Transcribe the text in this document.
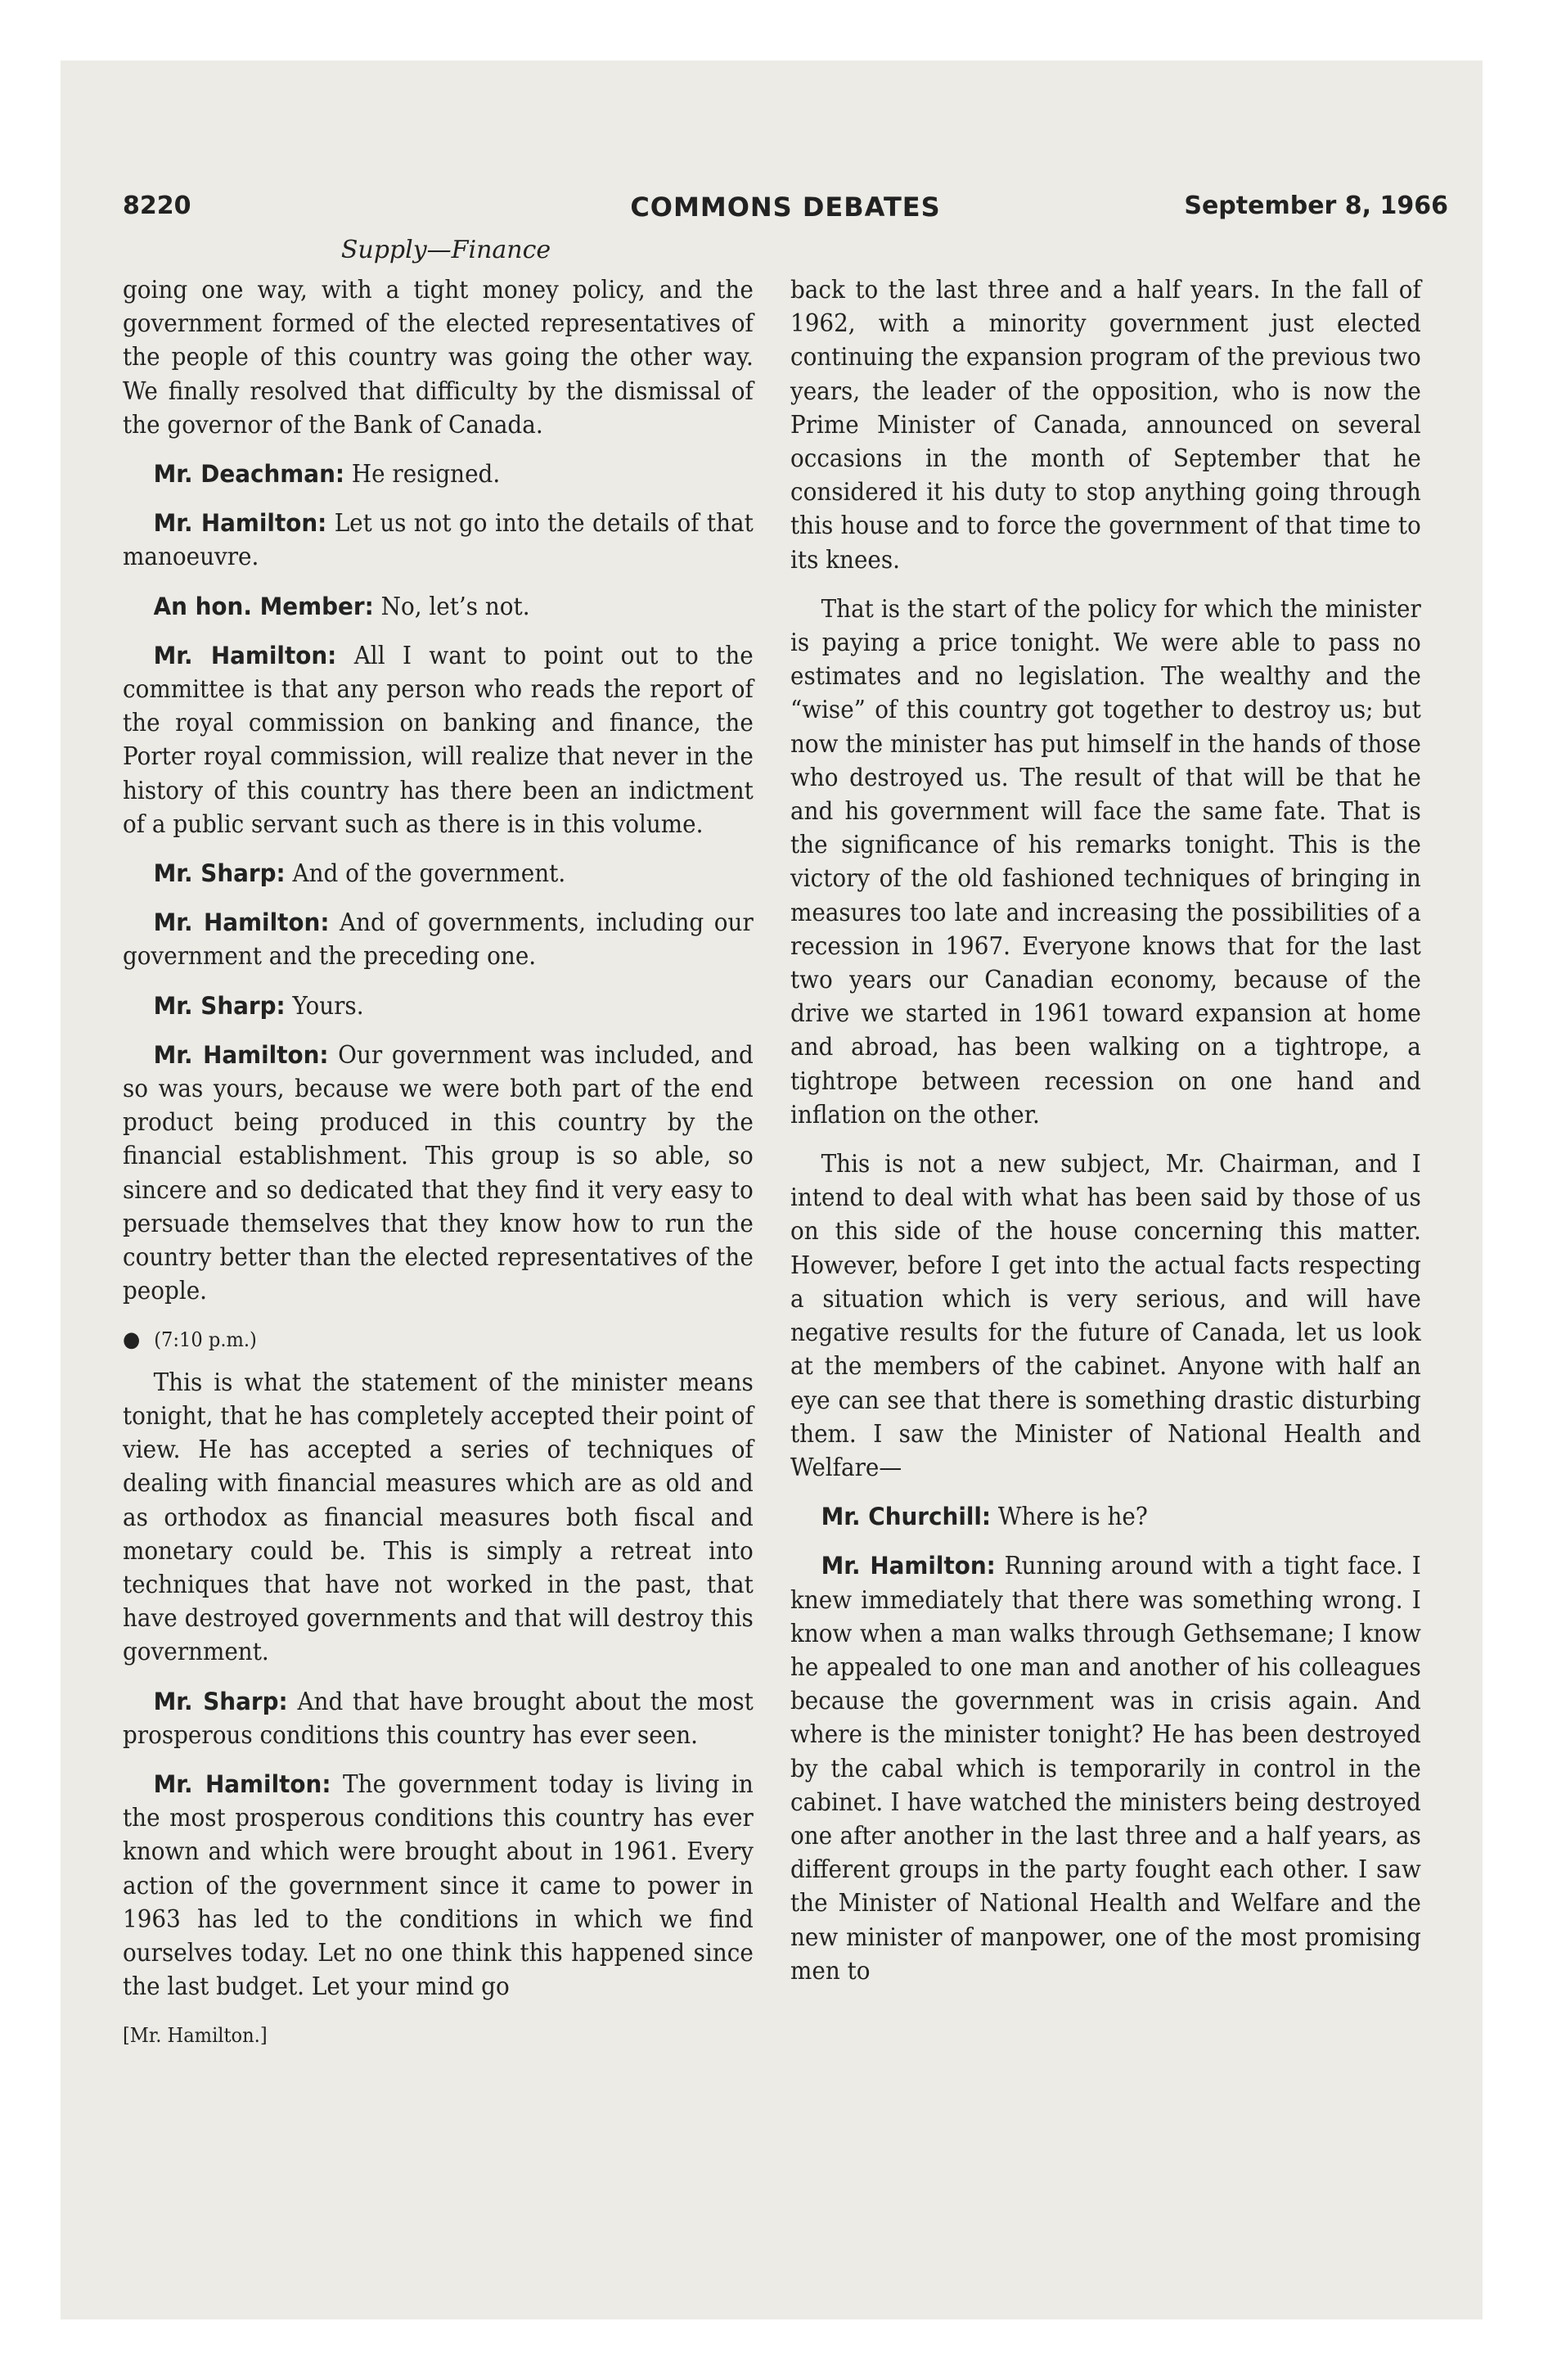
8220	COMMONS DEBATES	September 8, 1966
Supply—Finance

going one way, with a tight money policy, and the government formed of the elected representatives of the people of this country was going the other way. We finally resolved that difficulty by the dismissal of the governor of the Bank of Canada.

Mr. Deachman: He resigned.

Mr. Hamilton: Let us not go into the details of that manoeuvre.

An hon. Member: No, let’s not.

Mr. Hamilton: All I want to point out to the committee is that any person who reads the report of the royal commission on banking and finance, the Porter royal commission, will realize that never in the history of this country has there been an indictment of a public servant such as there is in this volume.

Mr. Sharp: And of the government.

Mr. Hamilton: And of governments, including our government and the preceding one.

Mr. Sharp: Yours.

Mr. Hamilton: Our government was included, and so was yours, because we were both part of the end product being produced in this country by the financial establishment. This group is so able, so sincere and so dedicated that they find it very easy to persuade themselves that they know how to run the country better than the elected representatives of the people.

● (7:10 p.m.)

This is what the statement of the minister means tonight, that he has completely accepted their point of view. He has accepted a series of techniques of dealing with financial measures which are as old and as orthodox as financial measures both fiscal and monetary could be. This is simply a retreat into techniques that have not worked in the past, that have destroyed governments and that will destroy this government.

Mr. Sharp: And that have brought about the most prosperous conditions this country has ever seen.

Mr. Hamilton: The government today is living in the most prosperous conditions this country has ever known and which were brought about in 1961. Every action of the government since it came to power in 1963 has led to the conditions in which we find ourselves today. Let no one think this happened since the last budget. Let your mind go

[Mr. Hamilton.]

back to the last three and a half years. In the fall of 1962, with a minority government just elected continuing the expansion program of the previous two years, the leader of the opposition, who is now the Prime Minister of Canada, announced on several occasions in the month of September that he considered it his duty to stop anything going through this house and to force the government of that time to its knees.

That is the start of the policy for which the minister is paying a price tonight. We were able to pass no estimates and no legislation. The wealthy and the “wise” of this country got together to destroy us; but now the minister has put himself in the hands of those who destroyed us. The result of that will be that he and his government will face the same fate. That is the significance of his remarks tonight. This is the victory of the old fashioned techniques of bringing in measures too late and increasing the possibilities of a recession in 1967. Everyone knows that for the last two years our Canadian economy, because of the drive we started in 1961 toward expansion at home and abroad, has been walking on a tightrope, a tightrope between recession on one hand and inflation on the other.

This is not a new subject, Mr. Chairman, and I intend to deal with what has been said by those of us on this side of the house concerning this matter. However, before I get into the actual facts respecting a situation which is very serious, and will have negative results for the future of Canada, let us look at the members of the cabinet. Anyone with half an eye can see that there is something drastic disturbing them. I saw the Minister of National Health and Welfare—

Mr. Churchill: Where is he?

Mr. Hamilton: Running around with a tight face. I knew immediately that there was something wrong. I know when a man walks through Gethsemane; I know he appealed to one man and another of his colleagues because the government was in crisis again. And where is the minister tonight? He has been destroyed by the cabal which is temporarily in control in the cabinet. I have watched the ministers being destroyed one after another in the last three and a half years, as different groups in the party fought each other. I saw the Minister of National Health and Welfare and the new minister of manpower, one of the most promising men to
